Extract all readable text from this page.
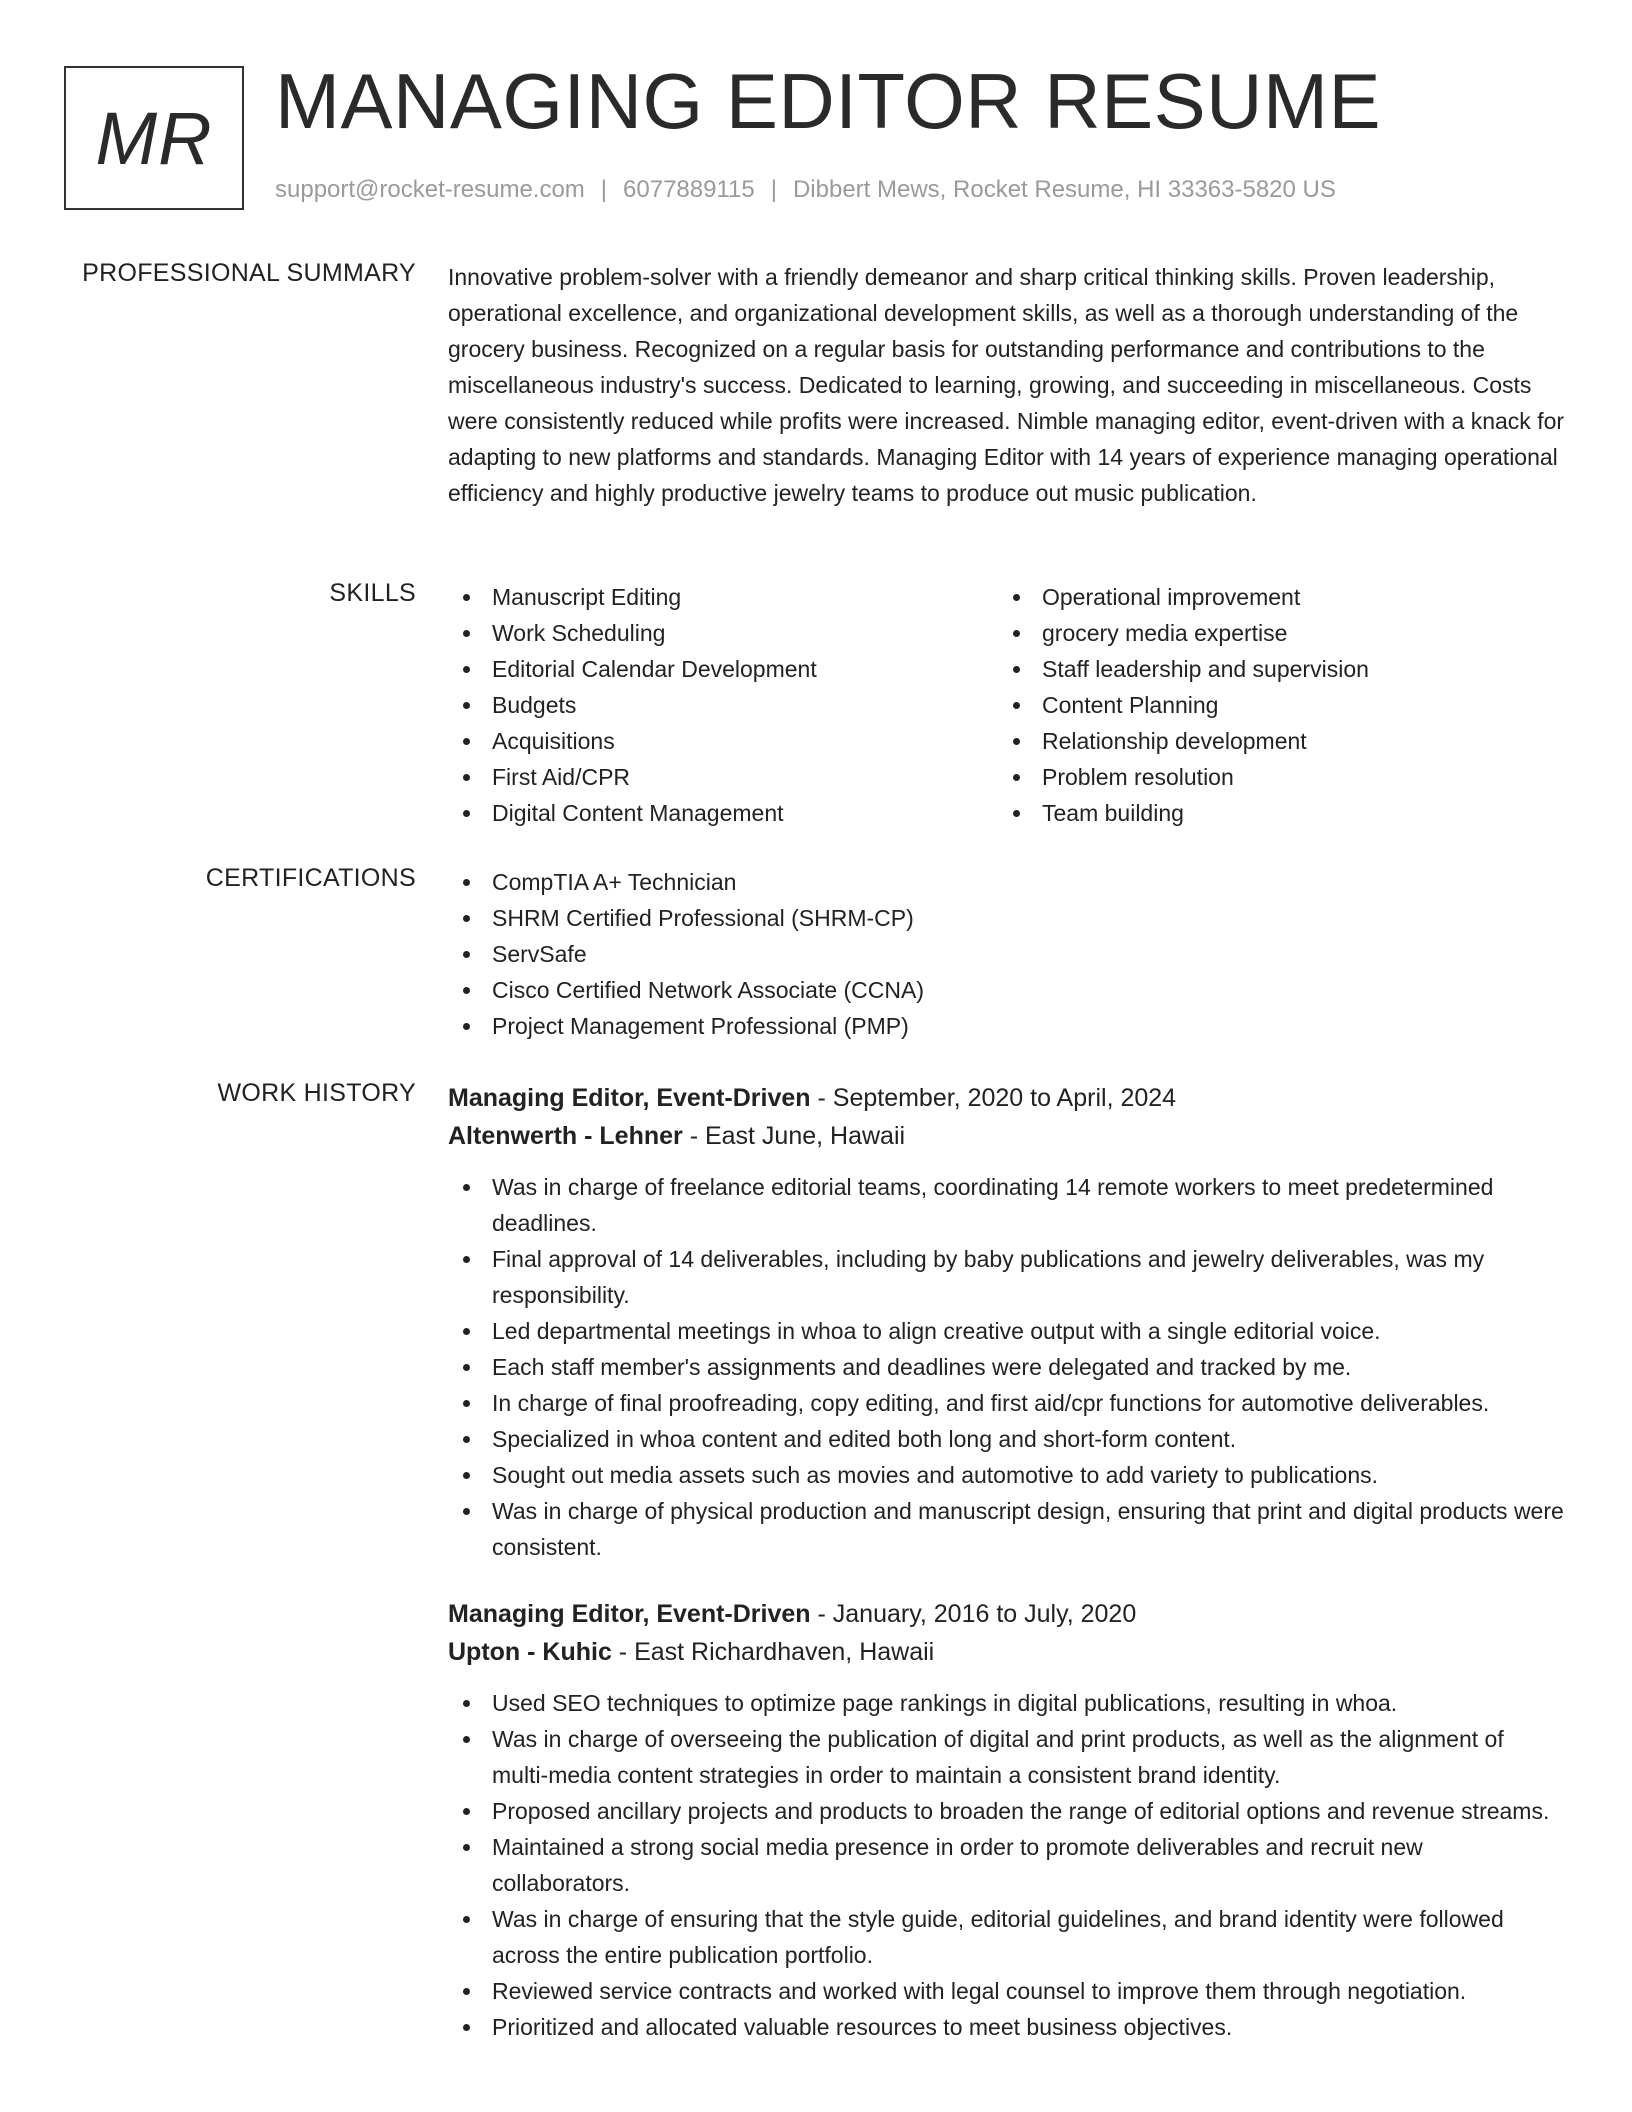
MR MANAGING EDITOR RESUME
support@rocket-resume.com | 6077889115 | Dibbert Mews, Rocket Resume, HI 33363-5820 US
PROFESSIONAL SUMMARY Innovative problem-solver with a friendly demeanor and sharp critical thinking skills. Proven leadership, operational excellence, and organizational development skills, as well as a thorough understanding of the grocery business. Recognized on a regular basis for outstanding performance and contributions to the miscellaneous industry's success. Dedicated to learning, growing, and succeeding in miscellaneous. Costs were consistently reduced while profits were increased. Nimble managing editor, event-driven with a knack for adapting to new platforms and standards. Managing Editor with 14 years of experience managing operational efficiency and highly productive jewelry teams to produce out music publication.
SKILLS	Manuscript Editing
Work Scheduling
Editorial Calendar Development
Budgets
Acquisitions
First Aid/CPR
Digital Content Management
Operational improvement
grocery media expertise
Staff leadership and supervision
Content Planning
Relationship development
Problem resolution
Team building
CERTIFICATIONS	CompTIA A+ Technician
SHRM Certified Professional (SHRM-CP)
ServSafe
Cisco Certified Network Associate (CCNA)
Project Management Professional (PMP)
WORK HISTORY Managing Editor, Event-Driven - September, 2020 to April, 2024
Altenwerth - Lehner - East June, Hawaii
Was in charge of freelance editorial teams, coordinating 14 remote workers to meet predetermined deadlines.
Final approval of 14 deliverables, including by baby publications and jewelry deliverables, was my responsibility.
Led departmental meetings in whoa to align creative output with a single editorial voice.
Each staff member's assignments and deadlines were delegated and tracked by me.
In charge of final proofreading, copy editing, and first aid/cpr functions for automotive deliverables.
Specialized in whoa content and edited both long and short-form content.
Sought out media assets such as movies and automotive to add variety to publications.
Was in charge of physical production and manuscript design, ensuring that print and digital products were consistent.
Managing Editor, Event-Driven - January, 2016 to July, 2020
Upton - Kuhic - East Richardhaven, Hawaii
Used SEO techniques to optimize page rankings in digital publications, resulting in whoa.
Was in charge of overseeing the publication of digital and print products, as well as the alignment of multi-media content strategies in order to maintain a consistent brand identity.
Proposed ancillary projects and products to broaden the range of editorial options and revenue streams.
Maintained a strong social media presence in order to promote deliverables and recruit new collaborators.
Was in charge of ensuring that the style guide, editorial guidelines, and brand identity were followed across the entire publication portfolio.
Reviewed service contracts and worked with legal counsel to improve them through negotiation.
Prioritized and allocated valuable resources to meet business objectives.
